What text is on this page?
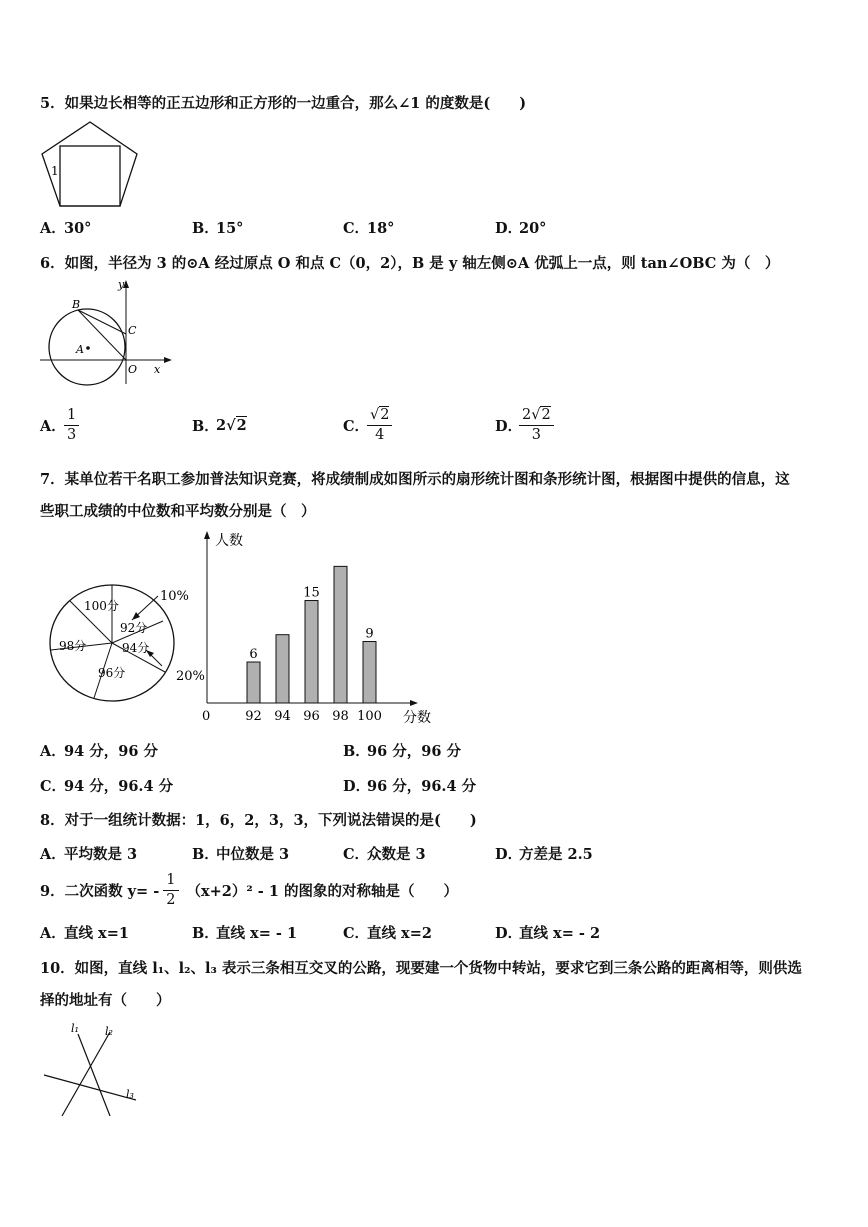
5．如果边长相等的正五边形和正方形的一边重合，那么∠1 的度数是(　　)
1
A．30°	B．15°	C．18°	D．20°
6．如图，半径为 3 的⊙A 经过原点 O 和点 C（0，2），B 是 y 轴左侧⊙A 优弧上一点，则 tan∠OBC 为（　）
y
x
B
C
A
O
A．
$\frac{1}{3}$	B．
2 √ 2	C．
$\frac{√2}{4}$	D．
$\frac{2√2}{3}$
7．某单位若干名职工参加普法知识竞赛，将成绩制成如图所示的扇形统计图和条形统计图，根据图中提供的信息，这
些职工成绩的中位数和平均数分别是（　）
100分
92分
94分
96分
98分
10%
20%
人数
分数
0	92
6
94 96
15
98 100
9
A．94 分，96 分	B．96 分，96 分
C．94 分，96.4 分	D．96 分，96.4 分
8．对于一组统计数据：1，6，2，3，3，下列说法错误的是(　　)
A．平均数是 3	B．中位数是 3	C．众数是 3	D．方差是 2.5
9．二次函数 $y= - \frac{1}{2} (x+2)^2 - 1$ 的图象的对称轴是（　　）
A．直线 x=1	B．直线 x= - 1	C．直线 x=2	D．直线 x= - 2
10．如图，直线 l₁、l₂、l₃ 表示三条相互交叉的公路，现要建一个货物中转站，要求它到三条公路的距离相等，则供选
择的地址有（　　）
l₁ l₂
l₃
